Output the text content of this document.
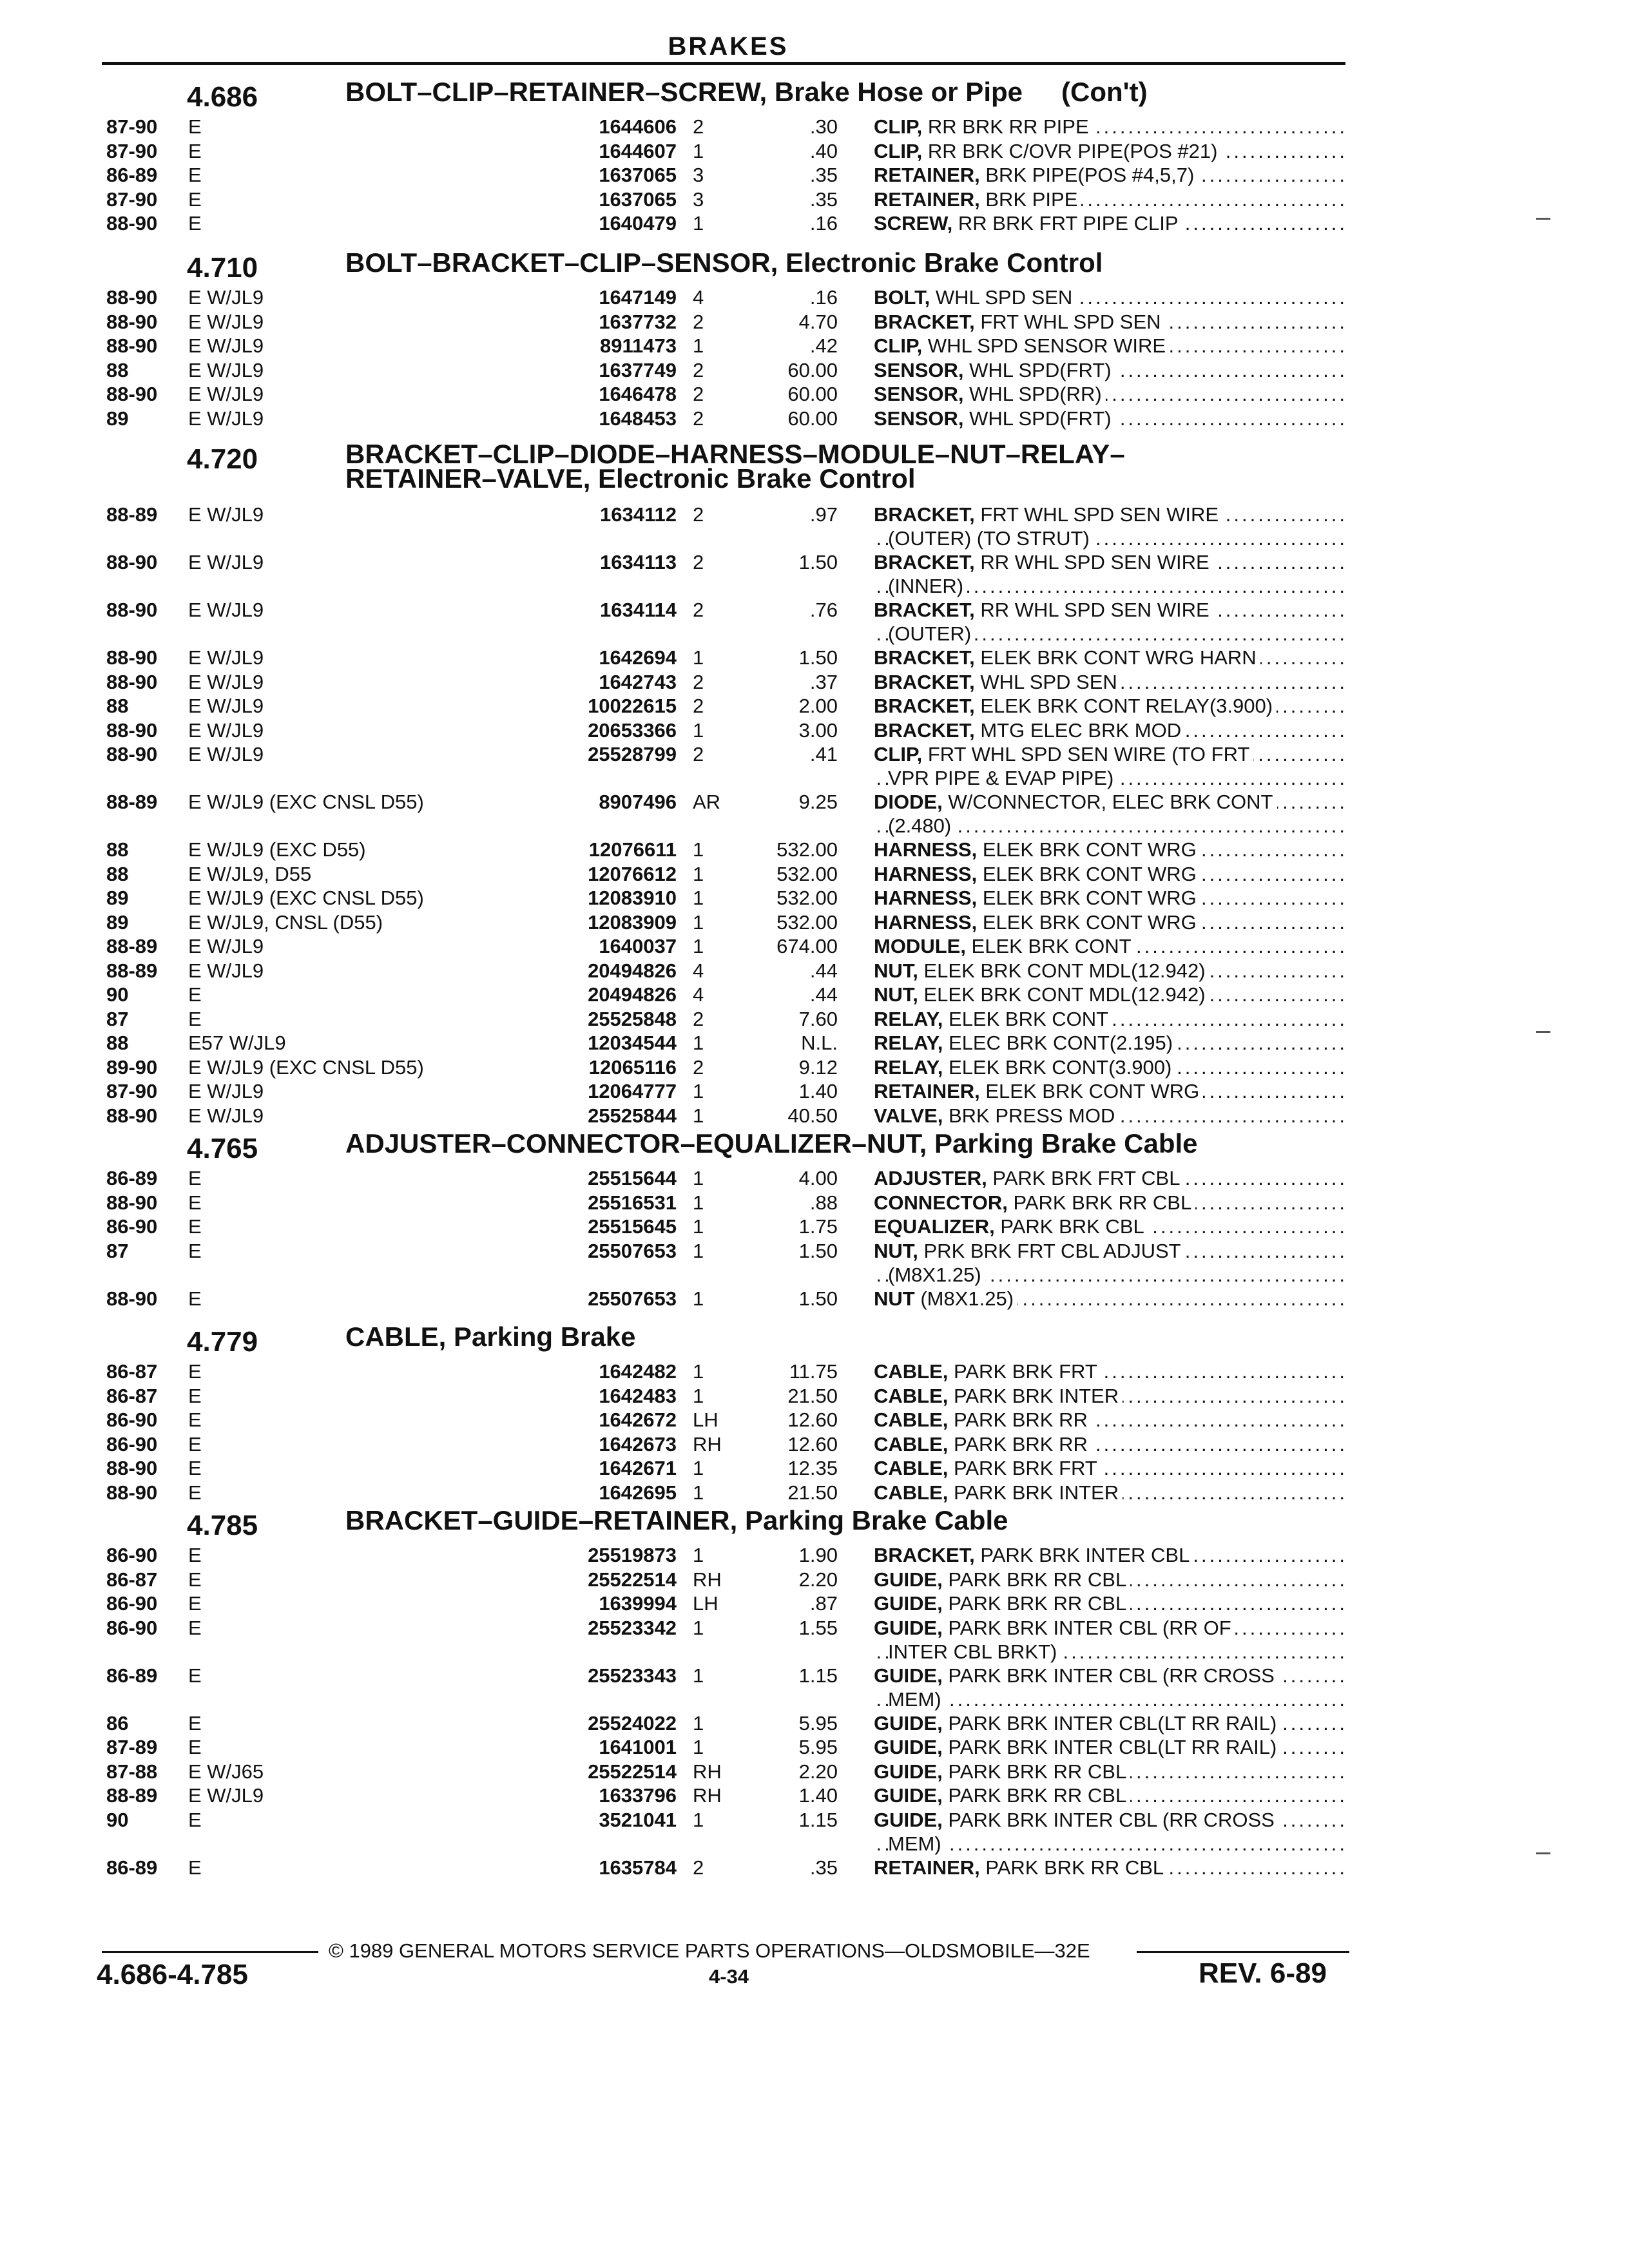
BRAKES
4.686	BOLT–CLIP–RETAINER–SCREW, Brake Hose or Pipe (Con't)
87-90 E .....	1644606 2	.30 CLIP, RR BRK RR PIPE .....
87-90 E .....	1644607 1	.40 CLIP, RR BRK C/OVR PIPE(POS #21) .....
86-89 E .....	1637065 3	.35 RETAINER, BRK PIPE(POS #4,5,7) .....
87-90 E .....	1637065 3	.35 RETAINER, BRK PIPE .....
88-90 E .....	1640479 1	.16 SCREW, RR BRK FRT PIPE CLIP .....
4.710	BOLT–BRACKET–CLIP–SENSOR, Electronic Brake Control
88-90 E W/JL9 .....	1647149 4	.16 BOLT, WHL SPD SEN .....
88-90 E W/JL9 .....	1637732 2	4.70 BRACKET, FRT WHL SPD SEN .....
88-90 E W/JL9 .....	8911473 1	.42 CLIP, WHL SPD SENSOR WIRE .....
88	E W/JL9 .....	1637749 2	60.00 SENSOR, WHL SPD(FRT) .....
88-90 E W/JL9 .....	1646478 2	60.00 SENSOR, WHL SPD(RR) .....
89	E W/JL9 .....	1648453 2	60.00 SENSOR, WHL SPD(FRT) .....
4.720	BRACKET–CLIP–DIODE–HARNESS–MODULE–NUT–RELAY–
RETAINER–VALVE, Electronic Brake Control
88-89 E W/JL9 .....	1634112 2	.97 BRACKET, FRT WHL SPD SEN WIRE .....
(OUTER) (TO STRUT) .....
88-90 E W/JL9 .....	1634113 2	1.50 BRACKET, RR WHL SPD SEN WIRE .....
(INNER) .....
88-90 E W/JL9 .....	1634114 2	.76 BRACKET, RR WHL SPD SEN WIRE .....
(OUTER) .....
88-90 E W/JL9 .....	1642694 1	1.50 BRACKET, ELEK BRK CONT WRG HARN .....
88-90 E W/JL9 .....	1642743 2	.37 BRACKET, WHL SPD SEN .....
88	E W/JL9 .....	10022615 2	2.00 BRACKET, ELEK BRK CONT RELAY(3.900) .....
88-90 E W/JL9 .....	20653366 1	3.00 BRACKET, MTG ELEC BRK MOD .....
88-90 E W/JL9 .....	25528799 2	.41 CLIP, FRT WHL SPD SEN WIRE (TO FRT .....
VPR PIPE & EVAP PIPE) .....
88-89 E W/JL9 (EXC CNSL D55) .....	8907496 AR	9.25 DIODE, W/CONNECTOR, ELEC BRK CONT .....
(2.480) .....
88	E W/JL9 (EXC D55) .....	12076611 1	532.00 HARNESS, ELEK BRK CONT WRG .....
88	E W/JL9, D55 .....	12076612 1	532.00 HARNESS, ELEK BRK CONT WRG .....
89	E W/JL9 (EXC CNSL D55) .....	12083910 1	532.00 HARNESS, ELEK BRK CONT WRG .....
89	E W/JL9, CNSL (D55) .....	12083909 1	532.00 HARNESS, ELEK BRK CONT WRG .....
88-89 E W/JL9 .....	1640037 1	674.00 MODULE, ELEK BRK CONT .....
88-89 E W/JL9 .....	20494826 4	.44 NUT, ELEK BRK CONT MDL(12.942) .....
90	E .....	20494826 4	.44 NUT, ELEK BRK CONT MDL(12.942) .....
87	E .....	25525848 2	7.60 RELAY, ELEK BRK CONT .....
88	E57 W/JL9 .....	12034544 1	N.L. RELAY, ELEC BRK CONT(2.195) .....
89-90 E W/JL9 (EXC CNSL D55) .....	12065116 2	9.12 RELAY, ELEK BRK CONT(3.900) .....
87-90 E W/JL9 .....	12064777 1	1.40 RETAINER, ELEK BRK CONT WRG .....
88-90 E W/JL9 .....	25525844 1	40.50 VALVE, BRK PRESS MOD .....
4.765	ADJUSTER–CONNECTOR–EQUALIZER–NUT, Parking Brake Cable
86-89 E .....	25515644 1	4.00 ADJUSTER, PARK BRK FRT CBL .....
88-90 E .....	25516531 1	.88 CONNECTOR, PARK BRK RR CBL .....
86-90 E .....	25515645 1	1.75 EQUALIZER, PARK BRK CBL .....
87	E .....	25507653 1	1.50 NUT, PRK BRK FRT CBL ADJUST .....
(M8X1.25) .....
88-90 E .....	25507653 1	1.50 NUT (M8X1.25) .....
4.779	CABLE, Parking Brake
86-87 E .....	1642482 1	11.75 CABLE, PARK BRK FRT .....
86-87 E .....	1642483 1	21.50 CABLE, PARK BRK INTER .....
86-90 E .....	1642672 LH	12.60 CABLE, PARK BRK RR .....
86-90 E .....	1642673 RH	12.60 CABLE, PARK BRK RR .....
88-90 E .....	1642671 1	12.35 CABLE, PARK BRK FRT .....
88-90 E .....	1642695 1	21.50 CABLE, PARK BRK INTER .....
4.785	BRACKET–GUIDE–RETAINER, Parking Brake Cable
86-90 E .....	25519873 1	1.90 BRACKET, PARK BRK INTER CBL .....
86-87 E .....	25522514 RH	2.20 GUIDE, PARK BRK RR CBL .....
86-90 E .....	1639994 LH	.87 GUIDE, PARK BRK RR CBL .....
86-90 E .....	25523342 1	1.55 GUIDE, PARK BRK INTER CBL (RR OF .....
INTER CBL BRKT) .....
86-89 E .....	25523343 1	1.15 GUIDE, PARK BRK INTER CBL (RR CROSS .....
MEM) .....
86	E .....	25524022 1	5.95 GUIDE, PARK BRK INTER CBL(LT RR RAIL) .....
87-89 E .....	1641001 1	5.95 GUIDE, PARK BRK INTER CBL(LT RR RAIL) .....
87-88 E W/J65 .....	25522514 RH	2.20 GUIDE, PARK BRK RR CBL .....
88-89 E W/JL9 .....	1633796 RH	1.40 GUIDE, PARK BRK RR CBL .....
90	E .....	3521041 1	1.15 GUIDE, PARK BRK INTER CBL (RR CROSS .....
MEM) .....
86-89 E .....	1635784 2	.35 RETAINER, PARK BRK RR CBL .....
© 1989 GENERAL MOTORS SERVICE PARTS OPERATIONS—OLDSMOBILE—32E
4.686-4.785	4-34	REV. 6-89
